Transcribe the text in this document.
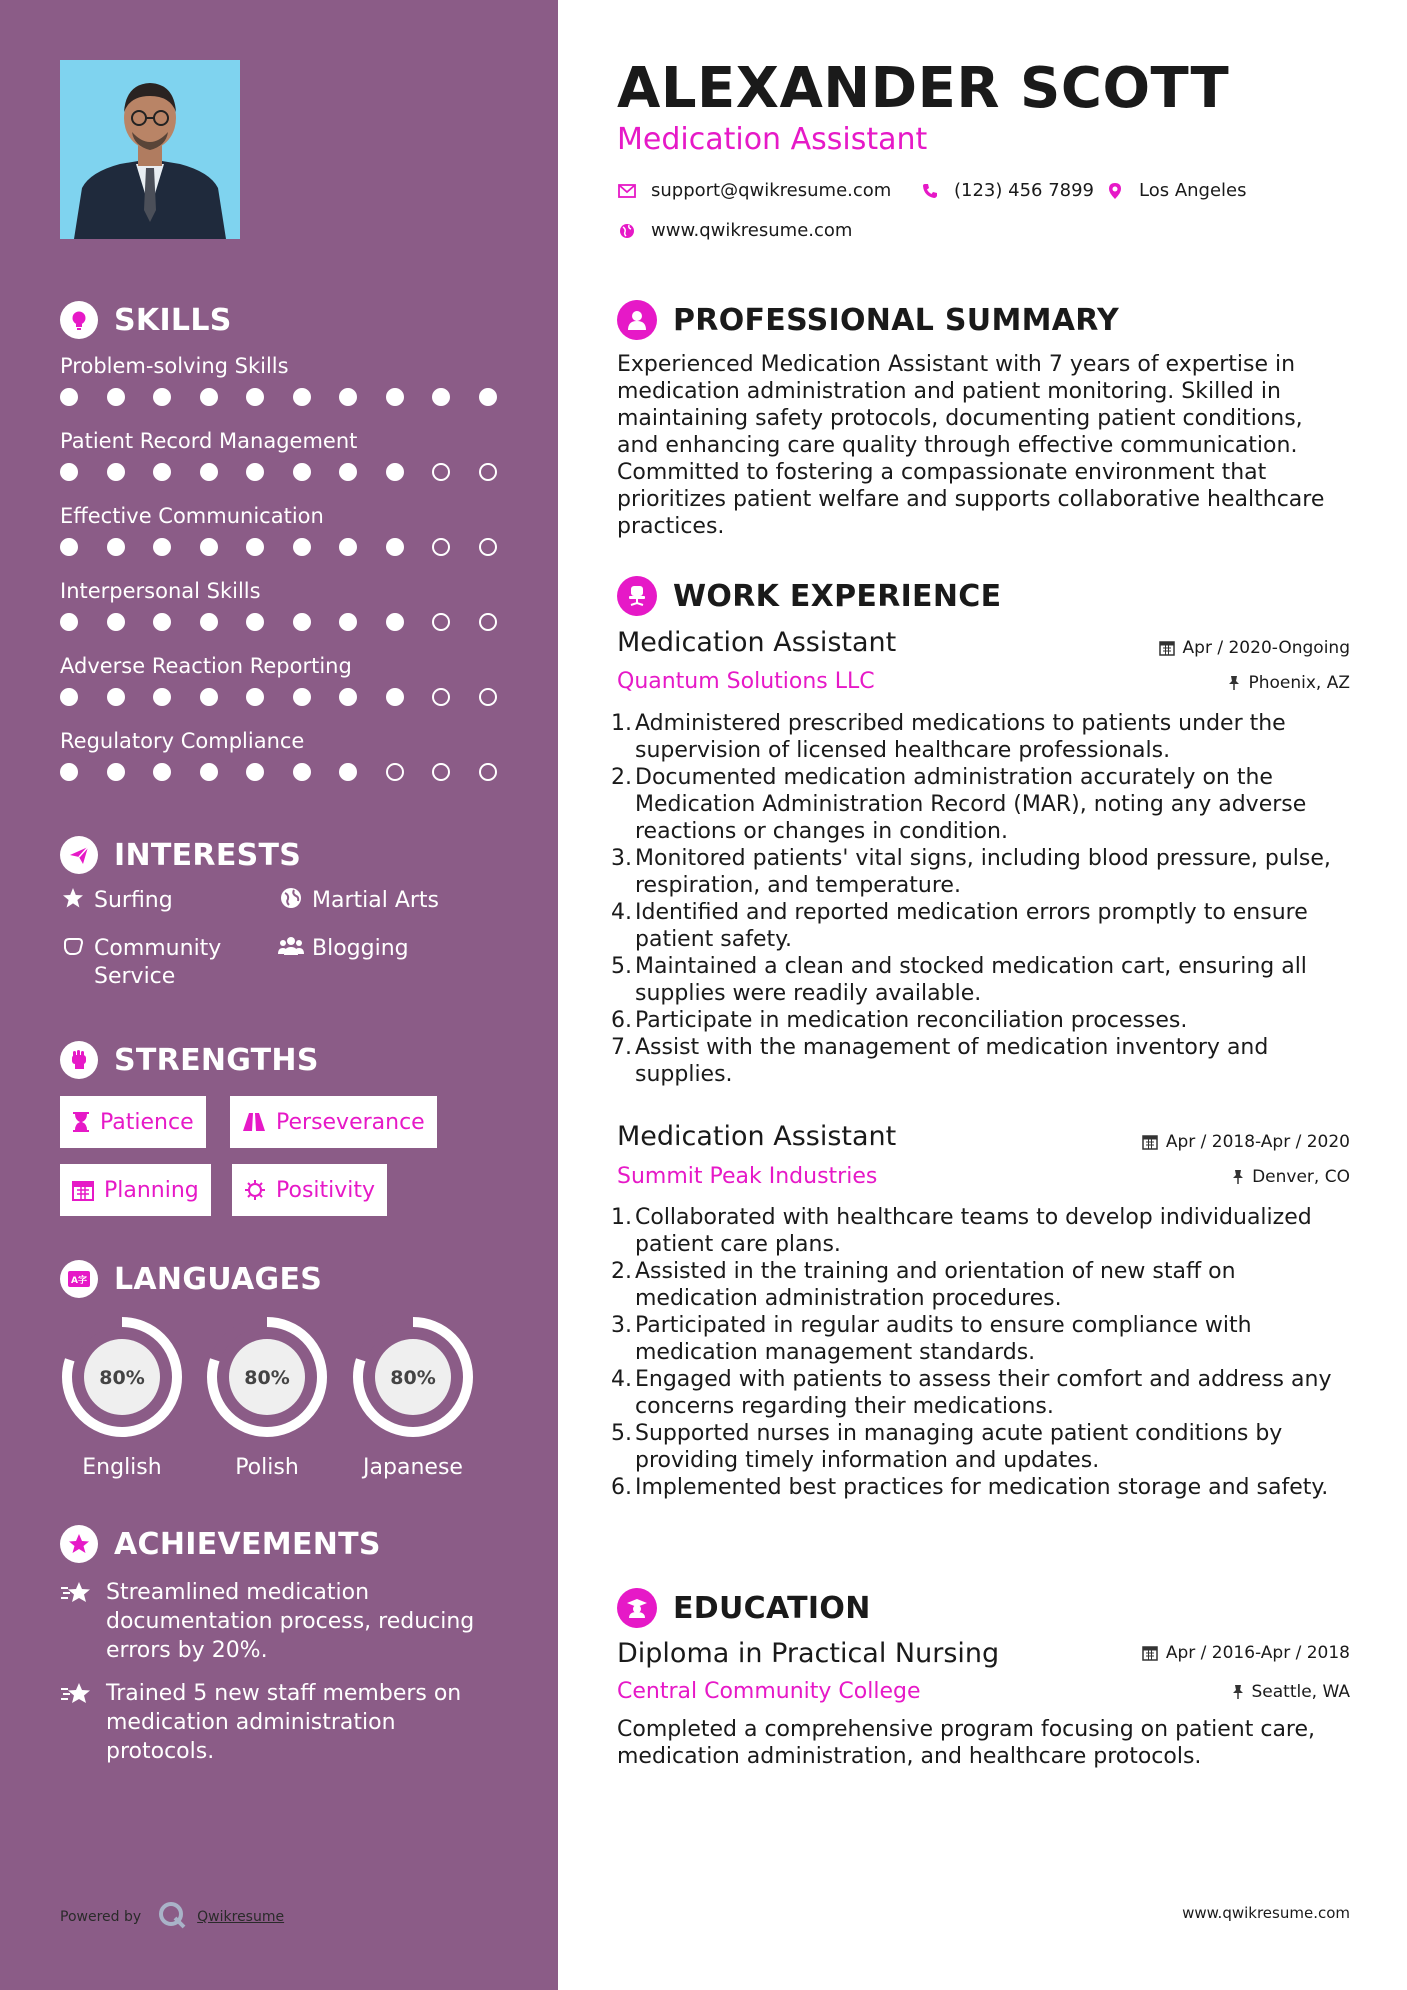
SKILLS
Problem-solving Skills
Patient Record Management
Effective Communication
Interpersonal Skills
Adverse Reaction Reporting
Regulatory Compliance
INTERESTS
Surfing	Martial Arts
Community Service
Blogging
STRENGTHS
Patience	Perseverance
Planning	Positivity
A字 LANGUAGES
80%
English
80%
Polish
80%
Japanese
ACHIEVEMENTS
Streamlined medication documentation process, reducing errors by 20%.
Trained 5 new staff members on medication administration protocols.
Powered by	Qwikresume
ALEXANDER SCOTT
Medication Assistant
support@qwikresume.com	(123) 456 7899 Los Angeles
www.qwikresume.com
PROFESSIONAL SUMMARY
Experienced Medication Assistant with 7 years of expertise in medication administration and patient monitoring. Skilled in maintaining safety protocols, documenting patient conditions, and enhancing care quality through effective communication. Committed to fostering a compassionate environment that prioritizes patient welfare and supports collaborative healthcare practices.
WORK EXPERIENCE
Medication Assistant	Apr / 2020-Ongoing
Quantum Solutions LLC	Phoenix, AZ
1. Administered prescribed medications to patients under the supervision of licensed healthcare professionals.
2. Documented medication administration accurately on the Medication Administration Record (MAR), noting any adverse reactions or changes in condition.
3. Monitored patients' vital signs, including blood pressure, pulse, respiration, and temperature.
4. Identified and reported medication errors promptly to ensure patient safety.
5. Maintained a clean and stocked medication cart, ensuring all supplies were readily available.
6. Participate in medication reconciliation processes.
7. Assist with the management of medication inventory and supplies.
Medication Assistant	Apr / 2018-Apr / 2020
Summit Peak Industries	Denver, CO
1. Collaborated with healthcare teams to develop individualized patient care plans.
2. Assisted in the training and orientation of new staff on medication administration procedures.
3. Participated in regular audits to ensure compliance with medication management standards.
4. Engaged with patients to assess their comfort and address any concerns regarding their medications.
5. Supported nurses in managing acute patient conditions by providing timely information and updates.
6. Implemented best practices for medication storage and safety.
EDUCATION
Diploma in Practical Nursing	Apr / 2016-Apr / 2018
Central Community College	Seattle, WA
Completed a comprehensive program focusing on patient care, medication administration, and healthcare protocols.
www.qwikresume.com
